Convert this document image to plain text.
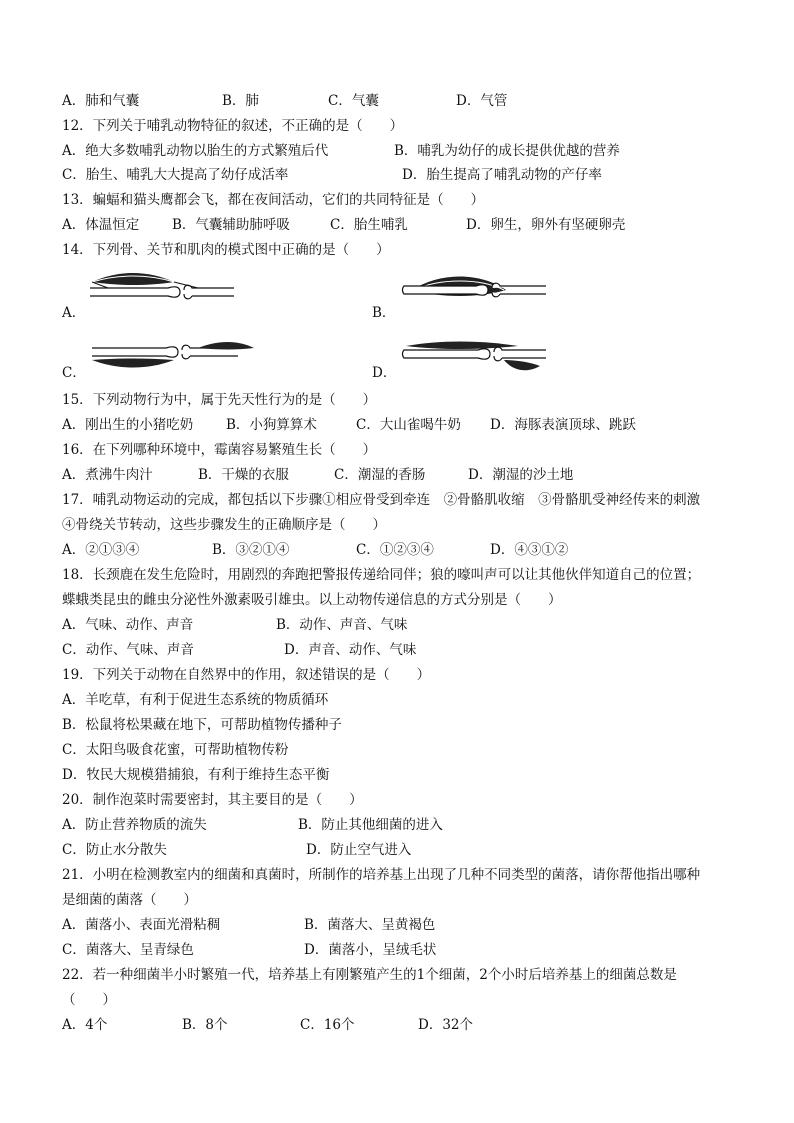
A．肺和气囊	B．肺	C．气囊	D．气管
12．下列关于哺乳动物特征的叙述，不正确的是（　　）
A．绝大多数哺乳动物以胎生的方式繁殖后代	B．哺乳为幼仔的成长提供优越的营养
C．胎生、哺乳大大提高了幼仔成活率	D．胎生提高了哺乳动物的产仔率
13．蝙蝠和猫头鹰都会飞，都在夜间活动，它们的共同特征是（　　）
A．体温恒定 B．气囊辅助肺呼吸	C．胎生哺乳	D．卵生，卵外有坚硬卵壳
14．下列骨、关节和肌肉的模式图中正确的是（　　）
A．	B．
C．	D．
15．下列动物行为中，属于先天性行为的是（　　）
A．刚出生的小猪吃奶 B．小狗算算术	C．大山雀喝牛奶 D．海豚表演顶球、跳跃
16．在下列哪种环境中，霉菌容易繁殖生长（　　）
A．煮沸牛肉汁	B．干燥的衣服	C．潮湿的香肠	D．潮湿的沙土地
17．哺乳动物运动的完成，都包括以下步骤①相应骨受到牵连　②骨骼肌收缩　③骨骼肌受神经传来的刺激
④骨绕关节转动，这些步骤发生的正确顺序是（　　）
A．②①③④	B．③②①④	C．①②③④	D．④③①②
18．长颈鹿在发生危险时，用剧烈的奔跑把警报传递给同伴；狼的嚎叫声可以让其他伙伴知道自己的位置；
蝶蛾类昆虫的雌虫分泌性外激素吸引雄虫。以上动物传递信息的方式分别是（　　）
A．气味、动作、声音	B．动作、声音、气味
C．动作、气味、声音	D．声音、动作、气味
19．下列关于动物在自然界中的作用，叙述错误的是（　　）
A．羊吃草，有利于促进生态系统的物质循环
B．松鼠将松果藏在地下，可帮助植物传播种子
C．太阳鸟吸食花蜜，可帮助植物传粉
D．牧民大规模猎捕狼，有利于维持生态平衡
20．制作泡菜时需要密封，其主要目的是（　　）
A．防止营养物质的流失	B．防止其他细菌的进入
C．防止水分散失	D．防止空气进入
21．小明在检测教室内的细菌和真菌时，所制作的培养基上出现了几种不同类型的菌落，请你帮他指出哪种
是细菌的菌落（　　）
A．菌落小、表面光滑粘稠	B．菌落大、呈黄褐色
C．菌落大、呈青绿色	D．菌落小，呈绒毛状
22．若一种细菌半小时繁殖一代，培养基上有刚繁殖产生的1个细菌，2个小时后培养基上的细菌总数是
（　　）
A．4个	B．8个	C．16个	D．32个
